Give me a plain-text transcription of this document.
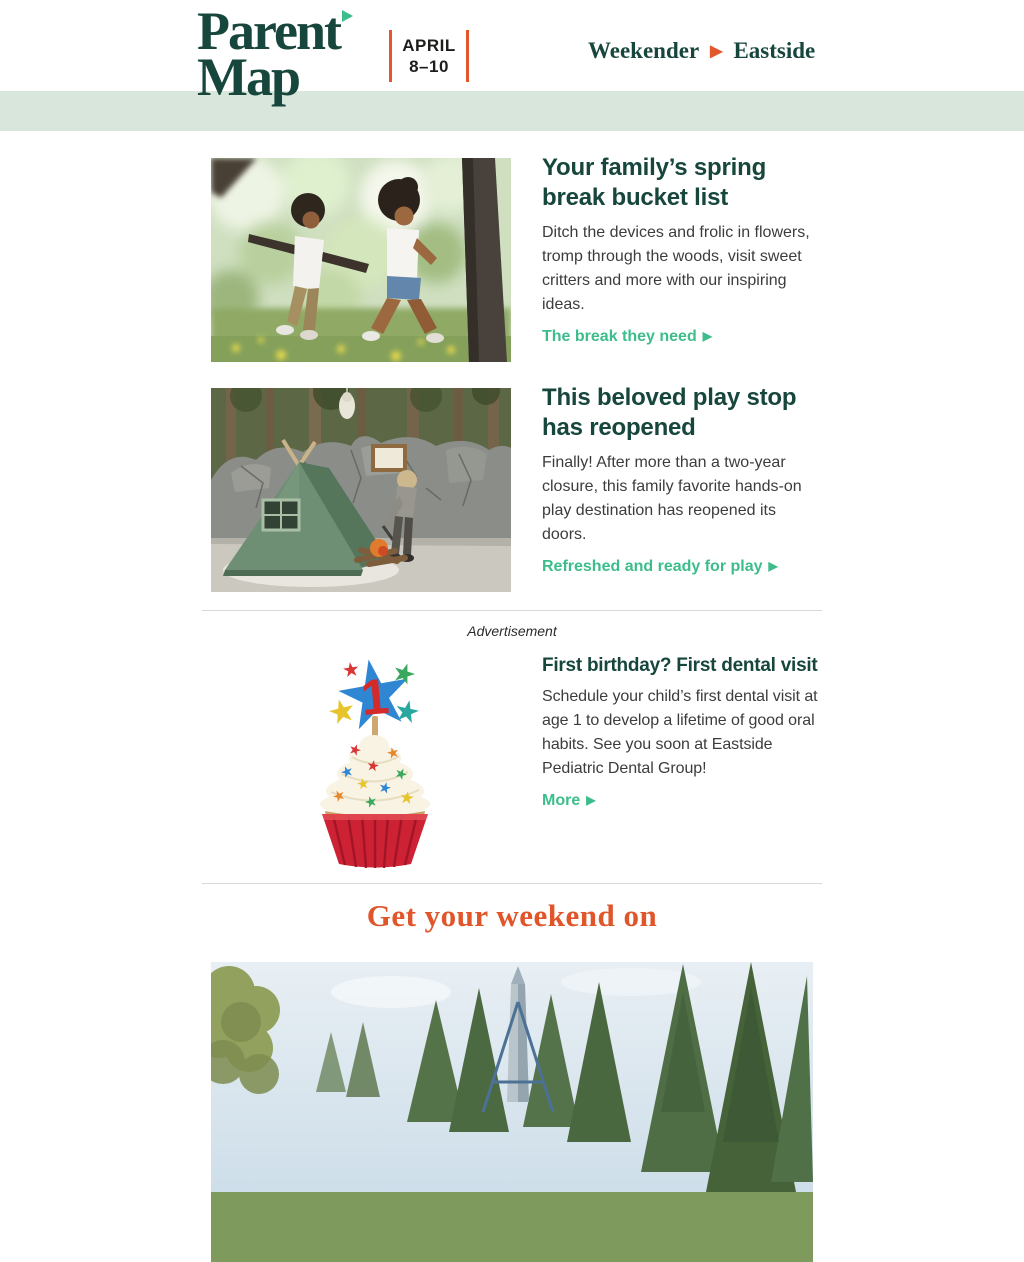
Parent
Map
APRIL
8–10
Weekender ▶ Eastside
Your family’s spring break bucket list

Ditch the devices and frolic in flowers, tromp through the woods, visit sweet critters and more with our inspiring ideas.

The break they need ▶
This beloved play stop has reopened

Finally! After more than a two-year closure, this family favorite hands-on play destination has reopened its doors.

Refreshed and ready for play ▶
Advertisement
1
First birthday? First dental visit

Schedule your child’s first dental visit at age 1 to develop a lifetime of good oral habits. See you soon at Eastside Pediatric Dental Group!

More ▶
Get your weekend on
